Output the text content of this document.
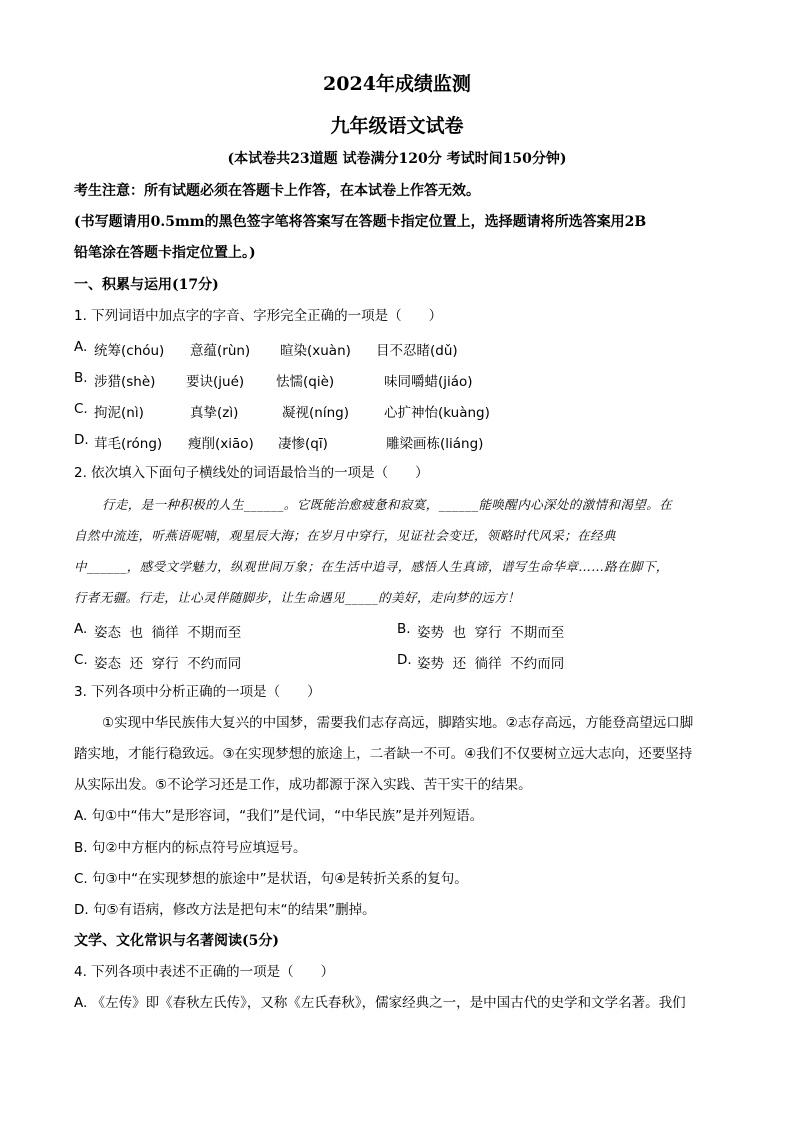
2024年成绩监测
九年级语文试卷
(本试卷共23道题 试卷满分120分 考试时间150分钟)
考生注意：所有试题必须在答题卡上作答，在本试卷上作答无效。
(书写题请用0.5mm的黑色签字笔将答案写在答题卡指定位置上，选择题请将所选答案用2B
铅笔涂在答题卡指定位置上。)
一、积累与运用(17分)
1. 下列词语中加点字的字音、字形完全正确的一项是（　　）
A. 统筹(chóu) 意蕴(rùn) 暄染(xuàn) 目不忍睹(dǔ)
B. 涉猎(shè) 要诀(jué) 怯懦(qiè)	味同嚼蜡(jiáo)
C. 拘泥(nì)	真挚(zì)	凝视(níng)	心扩神怡(kuàng)
D. 茸毛(róng) 瘦削(xiāo) 凄惨(qī)	雕梁画栋(liáng)
2. 依次填入下面句子横线处的词语最恰当的一项是（　　）
行走，是一种积极的人生______。它既能治愈疲惫和寂寞，______能唤醒内心深处的激情和渴望。在
自然中流连，听燕语呢喃，观星辰大海；在岁月中穿行，见证社会变迁，领略时代风采；在经典
中______，感受文学魅力，纵观世间万象；在生活中追寻，感悟人生真谛，谱写生命华章……路在脚下，
行者无疆。行走，让心灵伴随脚步，让生命遇见_____的美好，走向梦的远方！
A. 姿态  也  徜徉  不期而至	B. 姿势  也  穿行  不期而至
C. 姿态  还  穿行  不约而同	D. 姿势  还  徜徉  不约而同
3. 下列各项中分析正确的一项是（　　）
①实现中华民族伟大复兴的中国梦，需要我们志存高远，脚踏实地。②志存高远，方能登高望远口脚
踏实地，才能行稳致远。③在实现梦想的旅途上，二者缺一不可。④我们不仅要树立远大志向，还要坚持
从实际出发。⑤不论学习还是工作，成功都源于深入实践、苦干实干的结果。
A. 句①中“伟大”是形容词，“我们”是代词，“中华民族”是并列短语。
B. 句②中方框内的标点符号应填逗号。
C. 句③中“在实现梦想的旅途中”是状语，句④是转折关系的复句。
D. 句⑤有语病，修改方法是把句末“的结果”删掉。
文学、文化常识与名著阅读(5分)
4. 下列各项中表述不正确的一项是（　　）
A. 《左传》即《春秋左氏传》，又称《左氏春秋》，儒家经典之一，是中国古代的史学和文学名著。我们
